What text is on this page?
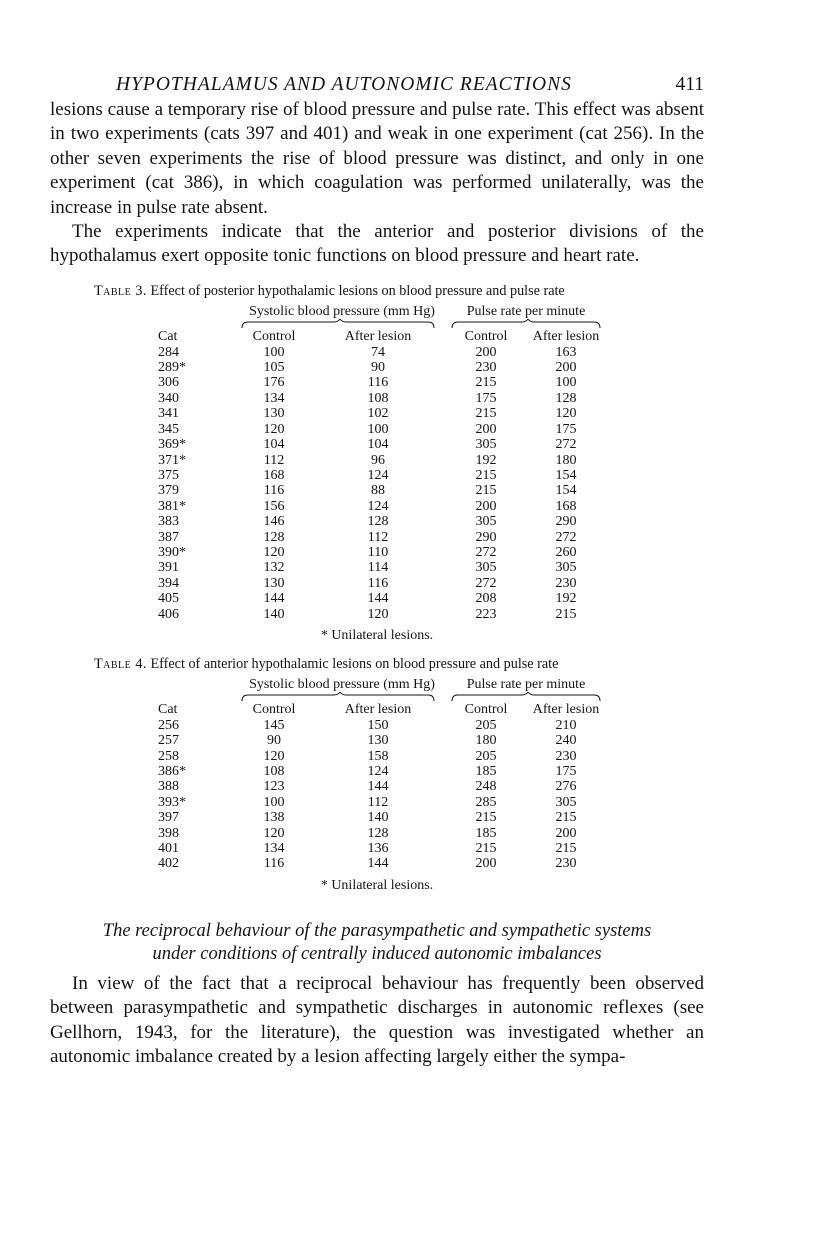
HYPOTHALAMUS AND AUTONOMIC REACTIONS	411

lesions cause a temporary rise of blood pressure and pulse rate. This effect was absent in two experiments (cats 397 and 401) and weak in one experiment (cat 256). In the other seven experiments the rise of blood pressure was distinct, and only in one experiment (cat 386), in which coagulation was performed unilaterally, was the increase in pulse rate absent.

The experiments indicate that the anterior and posterior divisions of the hypothalamus exert opposite tonic functions on blood pressure and heart rate.

Table 3. Effect of posterior hypothalamic lesions on blood pressure and pulse rate
	Systolic blood pressure (mm Hg)		Pulse rate per minute	

Cat	Control	After lesion	Control	After lesion
284	100	74	200	163
289*	105	90	230	200
306	176	116	215	100
340	134	108	175	128
341	130	102	215	120
345	120	100	200	175
369*	104	104	305	272
371*	112	96	192	180
375	168	124	215	154
379	116	88	215	154
381*	156	124	200	168
383	146	128	305	290
387	128	112	290	272
390*	120	110	272	260
391	132	114	305	305
394	130	116	272	230
405	144	144	208	192
406	140	120	223	215
* Unilateral lesions.
Table 4. Effect of anterior hypothalamic lesions on blood pressure and pulse rate
	Systolic blood pressure (mm Hg)		Pulse rate per minute	

Cat	Control	After lesion	Control	After lesion
256	145	150	205	210
257	90	130	180	240
258	120	158	205	230
386*	108	124	185	175
388	123	144	248	276
393*	100	112	285	305
397	138	140	215	215
398	120	128	185	200
401	134	136	215	215
402	116	144	200	230
* Unilateral lesions.
The reciprocal behaviour of the parasympathetic and sympathetic systems
under conditions of centrally induced autonomic imbalances

In view of the fact that a reciprocal behaviour has frequently been observed between parasympathetic and sympathetic discharges in autonomic reflexes (see Gellhorn, 1943, for the literature), the question was investigated whether an autonomic imbalance created by a lesion affecting largely either the sympa-
